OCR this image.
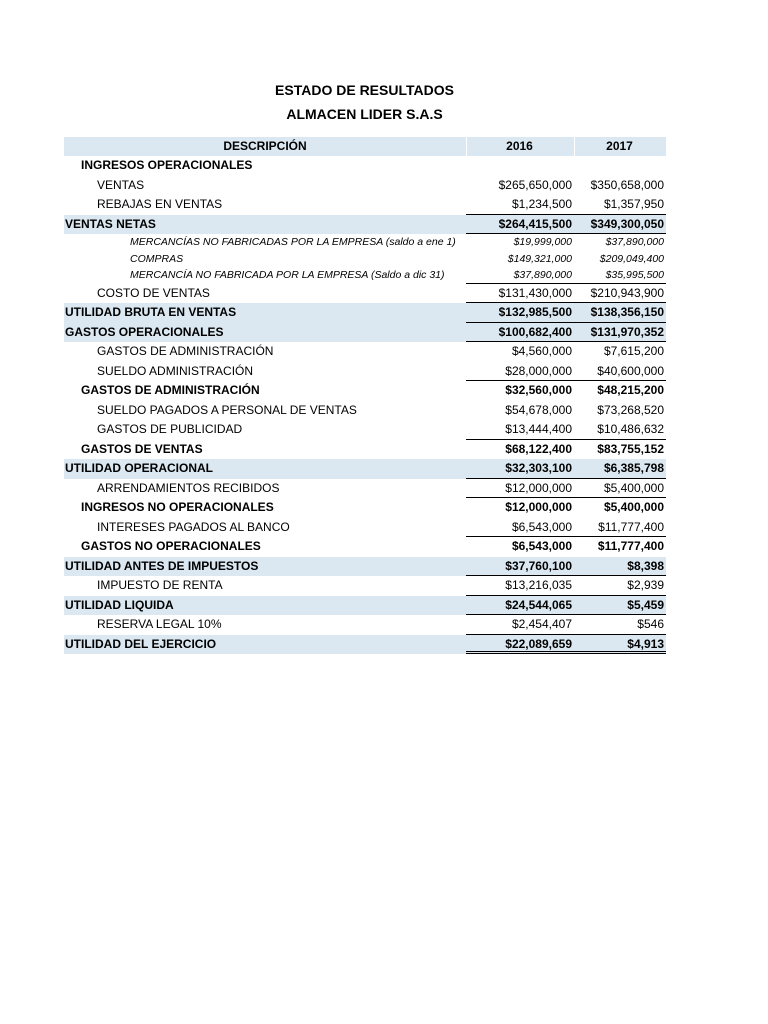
ESTADO DE RESULTADOS
ALMACEN LIDER S.A.S
DESCRIPCIÓN	2016	2017
INGRESOS OPERACIONALES
VENTAS	$265,650,000	$350,658,000
REBAJAS EN VENTAS	$1,234,500	$1,357,950
VENTAS NETAS	$264,415,500	$349,300,050
MERCANCÍAS NO FABRICADAS POR LA EMPRESA (saldo a ene 1)	$19,999,000	$37,890,000
COMPRAS	$149,321,000	$209,049,400
MERCANCÍA NO FABRICADA POR LA EMPRESA (Saldo a dic 31)	$37,890,000	$35,995,500
COSTO DE VENTAS	$131,430,000	$210,943,900
UTILIDAD BRUTA EN VENTAS	$132,985,500	$138,356,150
GASTOS OPERACIONALES	$100,682,400	$131,970,352
GASTOS DE ADMINISTRACIÓN	$4,560,000	$7,615,200
SUELDO ADMINISTRACIÓN	$28,000,000	$40,600,000
GASTOS DE ADMINISTRACIÓN	$32,560,000	$48,215,200
SUELDO PAGADOS A PERSONAL DE VENTAS	$54,678,000	$73,268,520
GASTOS DE PUBLICIDAD	$13,444,400	$10,486,632
GASTOS DE VENTAS	$68,122,400	$83,755,152
UTILIDAD OPERACIONAL	$32,303,100	$6,385,798
ARRENDAMIENTOS RECIBIDOS	$12,000,000	$5,400,000
INGRESOS NO OPERACIONALES	$12,000,000	$5,400,000
INTERESES PAGADOS AL BANCO	$6,543,000	$11,777,400
GASTOS NO OPERACIONALES	$6,543,000	$11,777,400
UTILIDAD ANTES DE IMPUESTOS	$37,760,100	$8,398
IMPUESTO DE RENTA	$13,216,035	$2,939
UTILIDAD LIQUIDA	$24,544,065	$5,459
RESERVA LEGAL 10%	$2,454,407	$546
UTILIDAD DEL EJERCICIO	$22,089,659	$4,913
